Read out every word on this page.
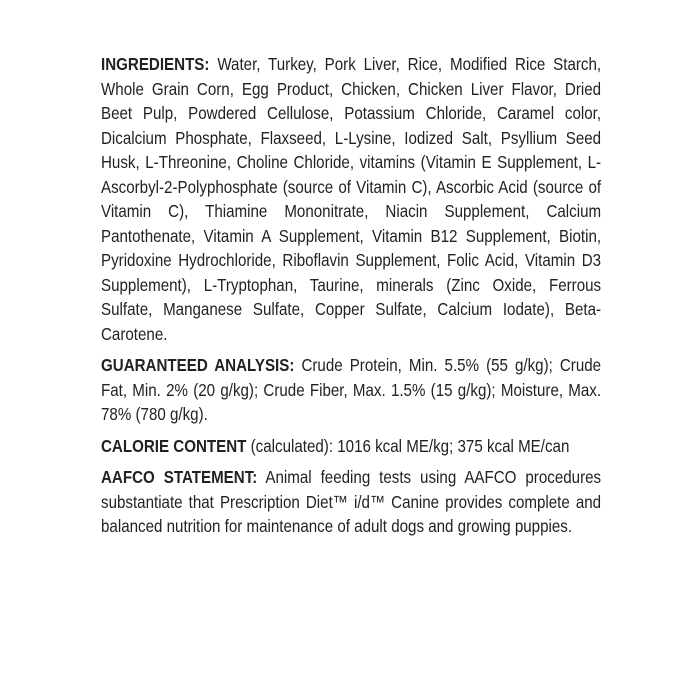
INGREDIENTS: Water, Turkey, Pork Liver, Rice, Modified Rice Starch, Whole Grain Corn, Egg Product, Chicken, Chicken Liver Flavor, Dried Beet Pulp, Powdered Cellulose, Potassium Chloride, Caramel color, Dicalcium Phosphate, Flaxseed, L-Lysine, Iodized Salt, Psyllium Seed Husk, L-Threonine, Choline Chloride, vitamins (Vitamin E Supplement, L-Ascorbyl-2-Polyphosphate (source of Vitamin C), Ascorbic Acid (source of Vitamin C), Thiamine Mononitrate, Niacin Supplement, Calcium Pantothenate, Vitamin A Supplement, Vitamin B12 Supplement, Biotin, Pyridoxine Hydrochloride, Riboflavin Supplement, Folic Acid, Vitamin D3 Supplement), L-Tryptophan, Taurine, minerals (Zinc Oxide, Ferrous Sulfate, Manganese Sulfate, Copper Sulfate, Calcium Iodate), Beta-Carotene.

GUARANTEED ANALYSIS: Crude Protein, Min. 5.5% (55 g/kg); Crude Fat, Min. 2% (20 g/kg); Crude Fiber, Max. 1.5% (15 g/kg); Moisture, Max. 78% (780 g/kg).

CALORIE CONTENT (calculated): 1016 kcal ME/kg; 375 kcal ME/can

AAFCO STATEMENT: Animal feeding tests using AAFCO procedures substantiate that Prescription Diet™ i/d™ Canine provides complete and balanced nutrition for maintenance of adult dogs and growing puppies.
